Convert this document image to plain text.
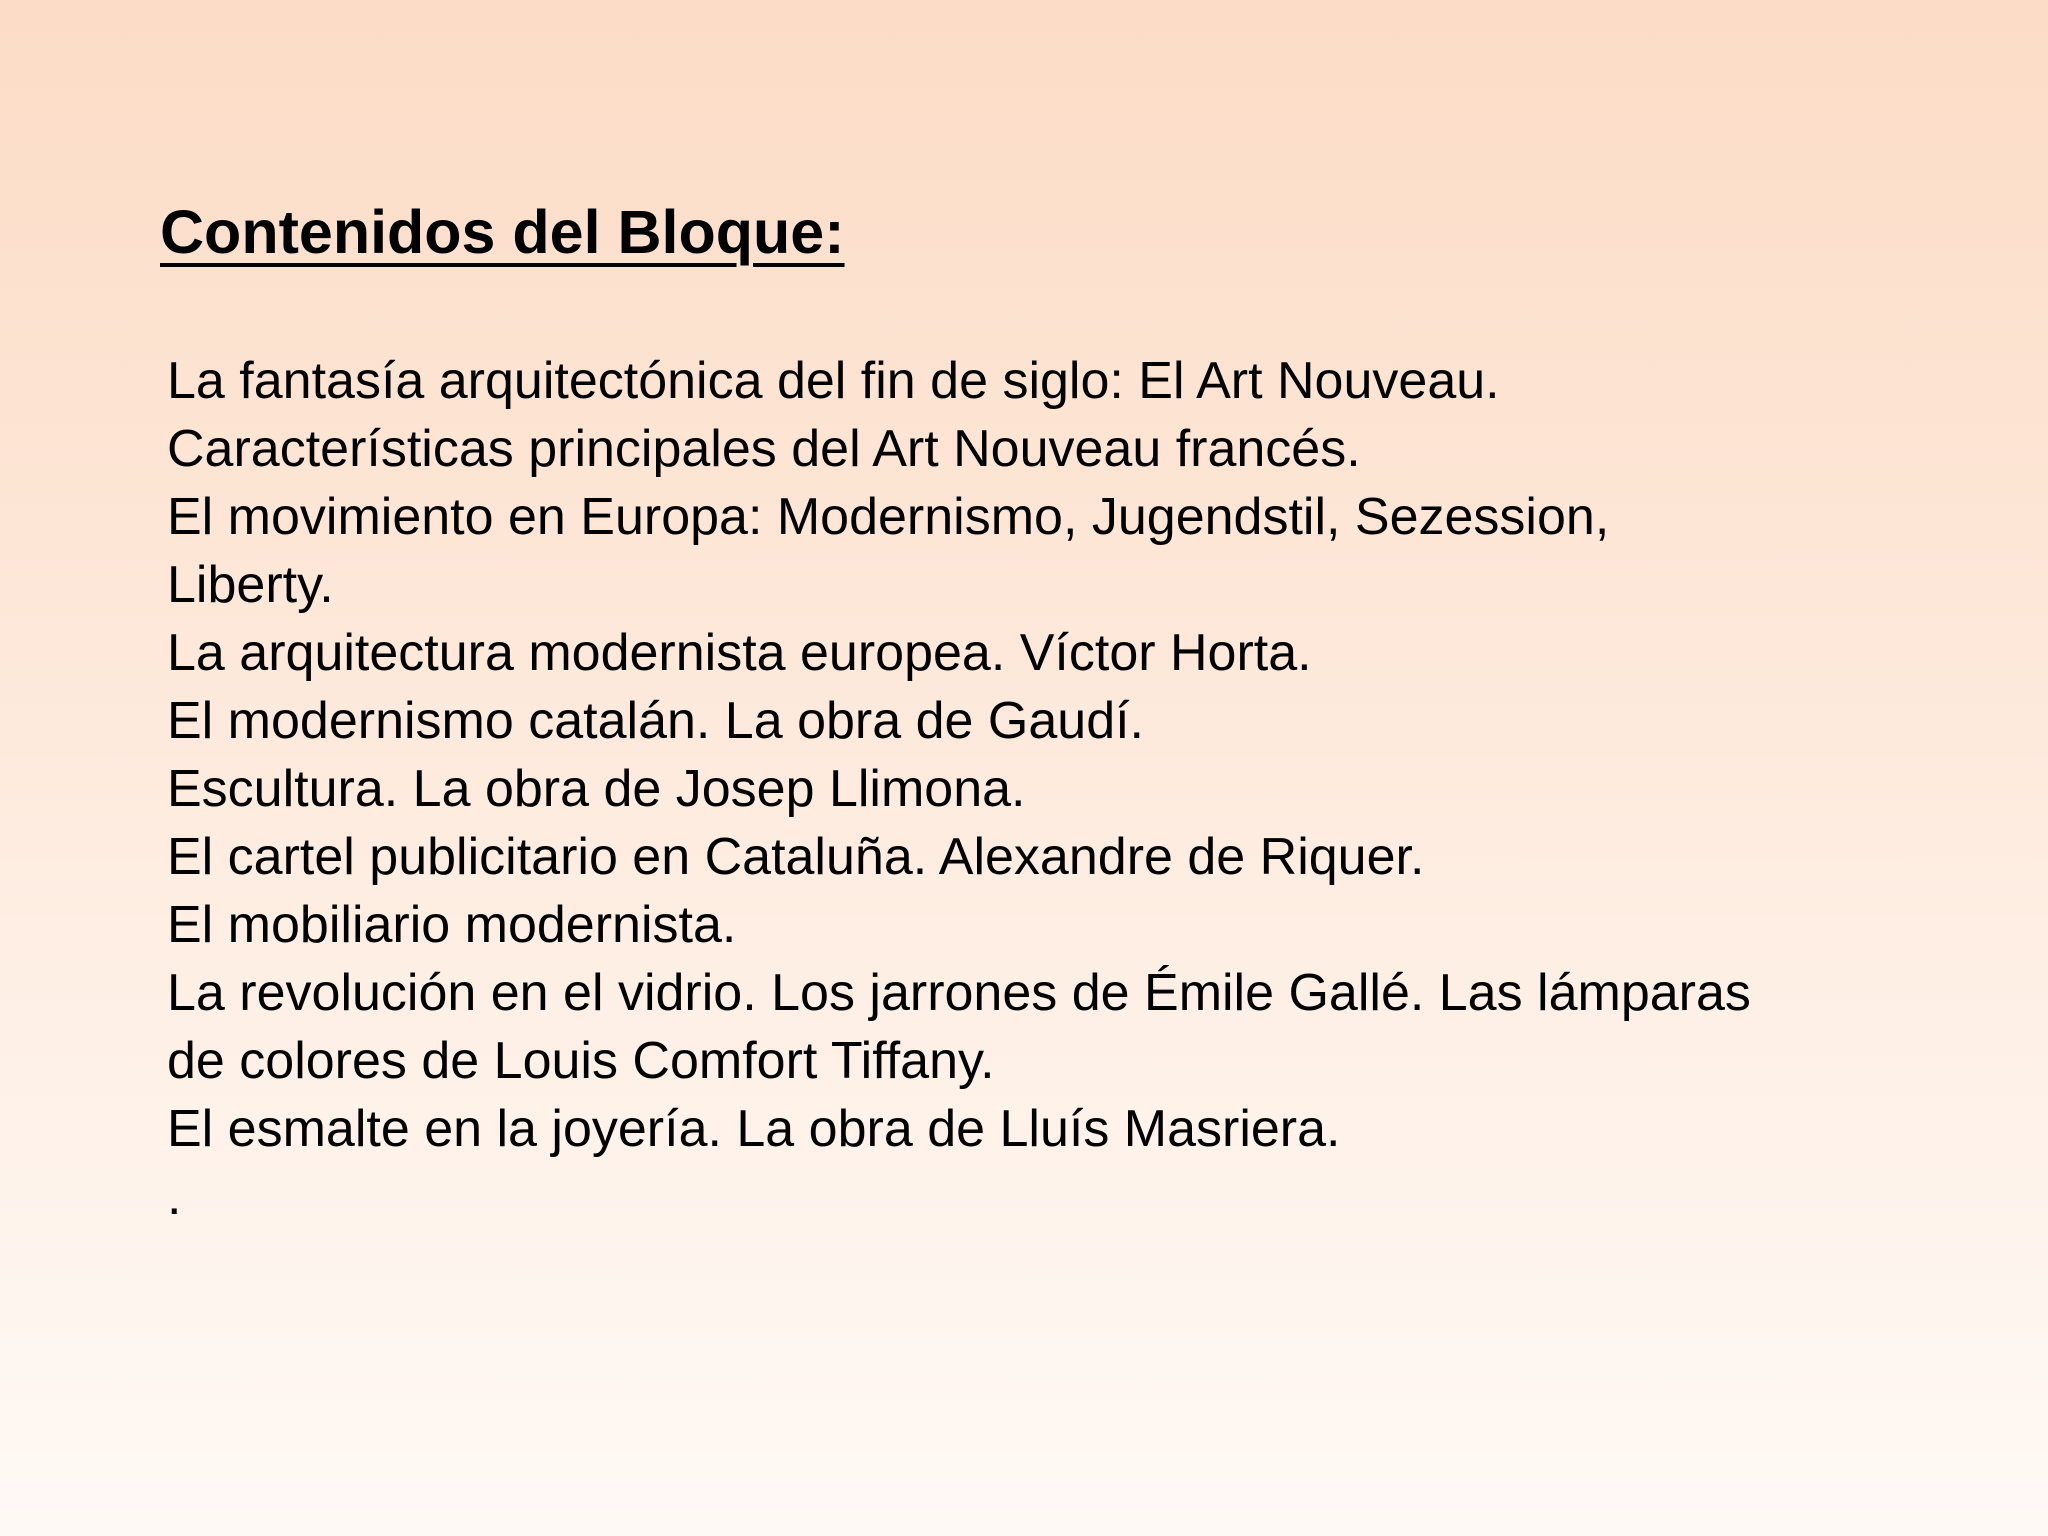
Contenidos del Bloque:
La fantasía arquitectónica del fin de siglo: El Art Nouveau.
Características principales del Art Nouveau francés.
El movimiento en Europa: Modernismo, Jugendstil, Sezession,
Liberty.
La arquitectura modernista europea. Víctor Horta.
El modernismo catalán. La obra de Gaudí.
Escultura. La obra de Josep Llimona.
El cartel publicitario en Cataluña. Alexandre de Riquer.
El mobiliario modernista.
La revolución en el vidrio. Los jarrones de Émile Gallé. Las lámparas
de colores de Louis Comfort Tiffany.
El esmalte en la joyería. La obra de Lluís Masriera.
.
